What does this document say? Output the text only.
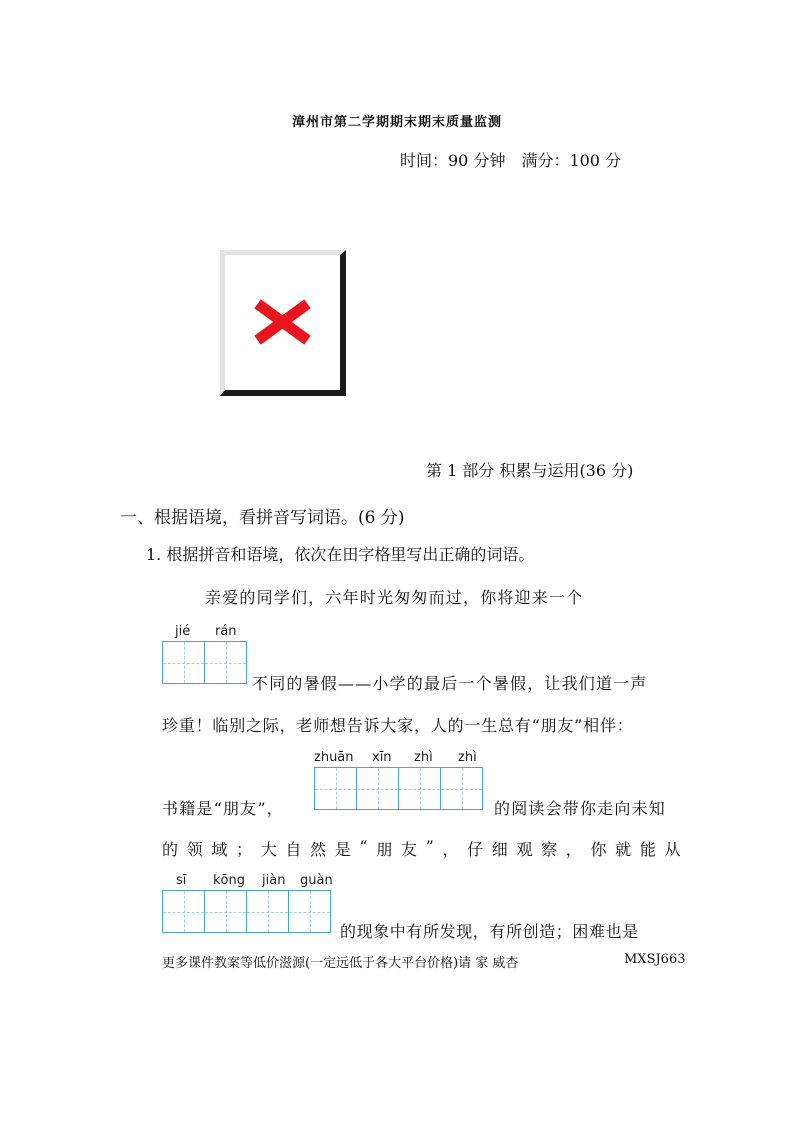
漳州市第二学期期末期末质量监测
时间：90 分钟　满分：100 分
第 1 部分 积累与运用(36 分)
一、根据语境，看拼音写词语。(6 分)
1. 根据拼音和语境，依次在田字格里写出正确的词语。
亲爱的同学们，六年时光匆匆而过，你将迎来一个
jié rán
不同的暑假——小学的最后一个暑假，让我们道一声
珍重！临别之际，老师想告诉大家，人的一生总有“朋友”相伴：
zhuān xīn zhì zhì
书籍是“朋友”，	的阅读会带你走向未知
的 领 域 ； 大 自 然 是 “ 朋 友 ” ， 仔 细 观 察 ， 你 就 能 从
sī kōng jiàn guàn
的现象中有所发现，有所创造；困难也是
更多课件教案等低价滋源(一定远低于各大平台价格)请 家 威杏	MXSJ663
